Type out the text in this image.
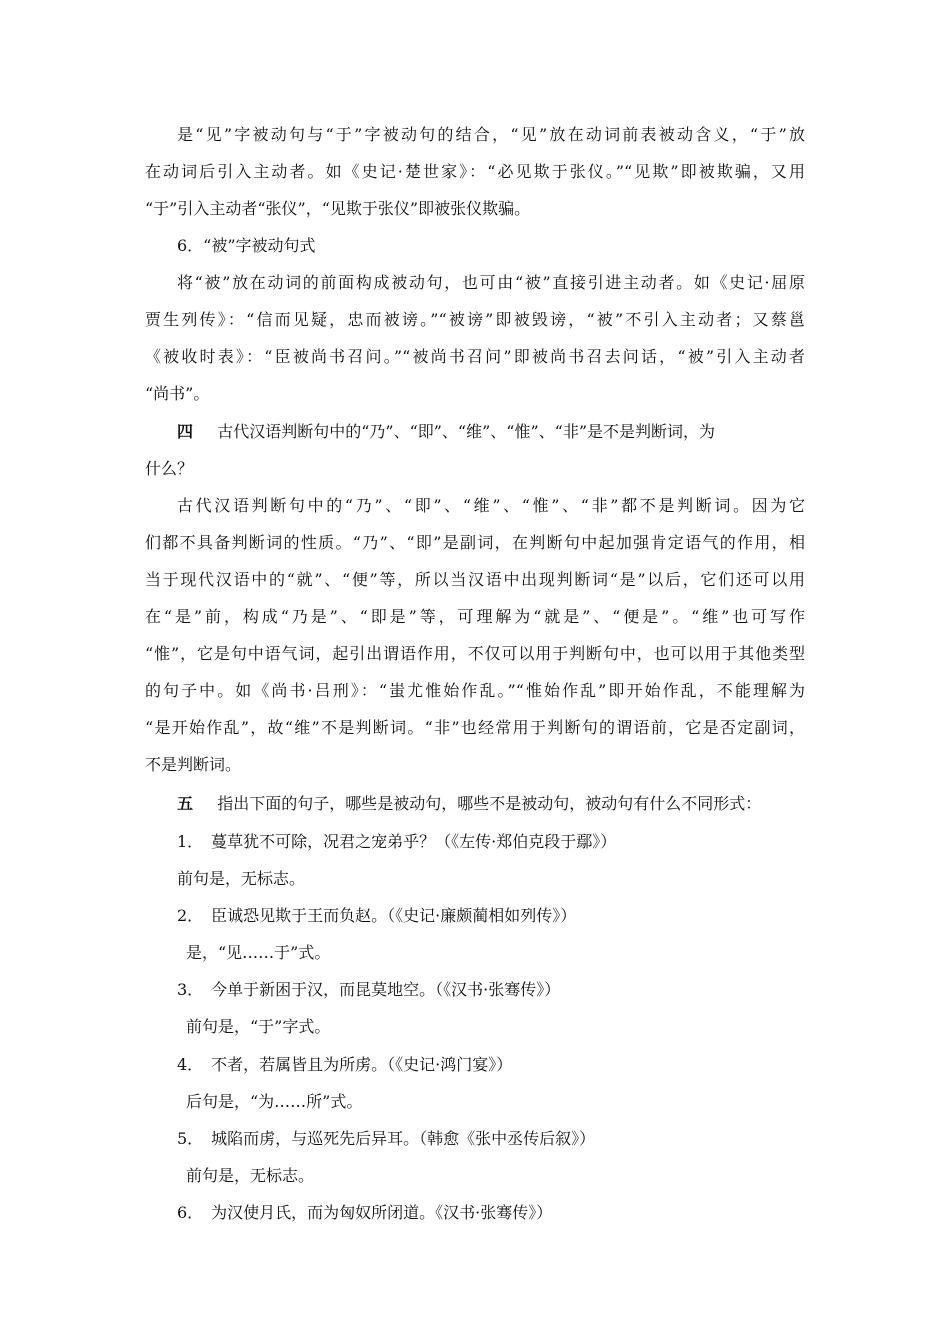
是“见”字被动句与“于”字被动句的结合，“见”放在动词前表被动含义，“于”放
在动词后引入主动者。如《史记·楚世家》：“必见欺于张仪。”“见欺”即被欺骗，又用
“于”引入主动者“张仪”，“见欺于张仪”即被张仪欺骗。
6．“被”字被动句式
将“被”放在动词的前面构成被动句，也可由“被”直接引进主动者。如《史记·屈原
贾生列传》：“信而见疑，忠而被谤。”“被谤”即被毁谤，“被”不引入主动者；又蔡邕
《被收时表》：“臣被尚书召问。”“被尚书召问”即被尚书召去问话，“被”引入主动者
“尚书”。
四 古代汉语判断句中的“乃”、“即”、“维”、“惟”、“非”是不是判断词，为
什么？
古代汉语判断句中的“乃”、“即”、“维”、“惟”、“非”都不是判断词。因为它
们都不具备判断词的性质。“乃”、“即”是副词，在判断句中起加强肯定语气的作用，相
当于现代汉语中的“就”、“便”等，所以当汉语中出现判断词“是”以后，它们还可以用
在“是”前，构成“乃是”、“即是”等，可理解为“就是”、“便是”。“维”也可写作
“惟”，它是句中语气词，起引出谓语作用，不仅可以用于判断句中，也可以用于其他类型
的句子中。如《尚书·吕刑》：“蚩尤惟始作乱。”“惟始作乱”即开始作乱，不能理解为
“是开始作乱”，故“维”不是判断词。“非”也经常用于判断句的谓语前，它是否定副词，
不是判断词。
五 指出下面的句子，哪些是被动句，哪些不是被动句，被动句有什么不同形式：
1．　蔓草犹不可除，况君之宠弟乎？（《左传·郑伯克段于鄢》）
前句是，无标志。
2．　臣诚恐见欺于王而负赵。（《史记·廉颇蔺相如列传》）
是，“见……于”式。
3．　今单于新困于汉，而昆莫地空。（《汉书·张骞传》）
前句是，“于”字式。
4．　不者，若属皆且为所虏。（《史记·鸿门宴》）
后句是，“为……所”式。
5．　城陷而虏，与巡死先后异耳。（韩愈《张中丞传后叙》）
前句是，无标志。
6．　为汉使月氏，而为匈奴所闭道。《汉书·张骞传》）
